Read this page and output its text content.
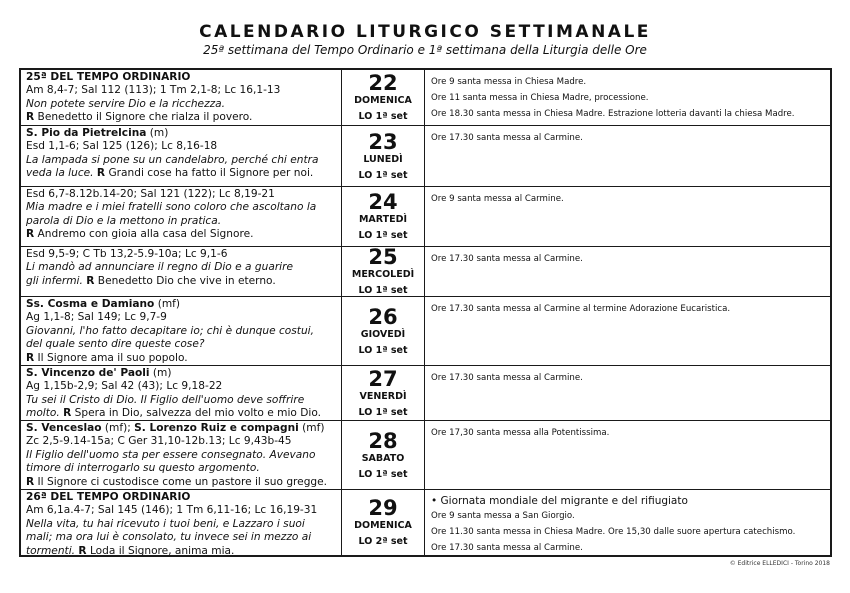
CALENDARIO LITURGICO SETTIMANALE
25ª settimana del Tempo Ordinario e 1ª settimana della Liturgia delle Ore
25ª DEL TEMPO ORDINARIO
Am 8,4-7; Sal 112 (113); 1 Tm 2,1-8; Lc 16,1-13
Non potete servire Dio e la ricchezza.
R Benedetto il Signore che rialza il povero.
22
DOMENICA
LO 1ª set
Ore 9 santa messa in Chiesa Madre.
Ore 11 santa messa in Chiesa Madre, processione.
Ore 18.30 santa messa in Chiesa Madre. Estrazione lotteria davanti la chiesa Madre.
S. Pio da Pietrelcina (m)
Esd 1,1-6; Sal 125 (126); Lc 8,16-18
La lampada si pone su un candelabro, perché chi entra
veda la luce. R Grandi cose ha fatto il Signore per noi.
23
LUNEDÌ
LO 1ª set
Ore 17.30 santa messa al Carmine.
Esd 6,7-8.12b.14-20; Sal 121 (122); Lc 8,19-21
Mia madre e i miei fratelli sono coloro che ascoltano la
parola di Dio e la mettono in pratica.
R Andremo con gioia alla casa del Signore.
24
MARTEDÌ
LO 1ª set
Ore 9 santa messa al Carmine.
Esd 9,5-9; C Tb 13,2-5.9-10a; Lc 9,1-6
Li mandò ad annunciare il regno di Dio e a guarire
gli infermi. R Benedetto Dio che vive in eterno.
25
MERCOLEDÌ
LO 1ª set
Ore 17.30 santa messa al Carmine.
Ss. Cosma e Damiano (mf)
Ag 1,1-8; Sal 149; Lc 9,7-9
Giovanni, l'ho fatto decapitare io; chi è dunque costui,
del quale sento dire queste cose?
R Il Signore ama il suo popolo.
26
GIOVEDÌ
LO 1ª set
Ore 17.30 santa messa al Carmine al termine Adorazione Eucaristica.
S. Vincenzo de' Paoli (m)
Ag 1,15b-2,9; Sal 42 (43); Lc 9,18-22
Tu sei il Cristo di Dio. Il Figlio dell'uomo deve soffrire
molto. R Spera in Dio, salvezza del mio volto e mio Dio.
27
VENERDÌ
LO 1ª set
Ore 17.30 santa messa al Carmine.
S. Venceslao (mf); S. Lorenzo Ruiz e compagni (mf)
Zc 2,5-9.14-15a; C Ger 31,10-12b.13; Lc 9,43b-45
Il Figlio dell'uomo sta per essere consegnato. Avevano
timore di interrogarlo su questo argomento.
R Il Signore ci custodisce come un pastore il suo gregge.
28
SABATO
LO 1ª set
Ore 17,30 santa messa alla Potentissima.
26ª DEL TEMPO ORDINARIO
Am 6,1a.4-7; Sal 145 (146); 1 Tm 6,11-16; Lc 16,19-31
Nella vita, tu hai ricevuto i tuoi beni, e Lazzaro i suoi
mali; ma ora lui è consolato, tu invece sei in mezzo ai
tormenti. R Loda il Signore, anima mia.
29
DOMENICA
LO 2ª set
• Giornata mondiale del migrante e del rifiugiato
Ore 9 santa messa a San Giorgio.
Ore 11.30 santa messa in Chiesa Madre. Ore 15,30 dalle suore apertura catechismo.
Ore 17.30 santa messa al Carmine.
© Editrice ELLEDICI - Torino 2018
